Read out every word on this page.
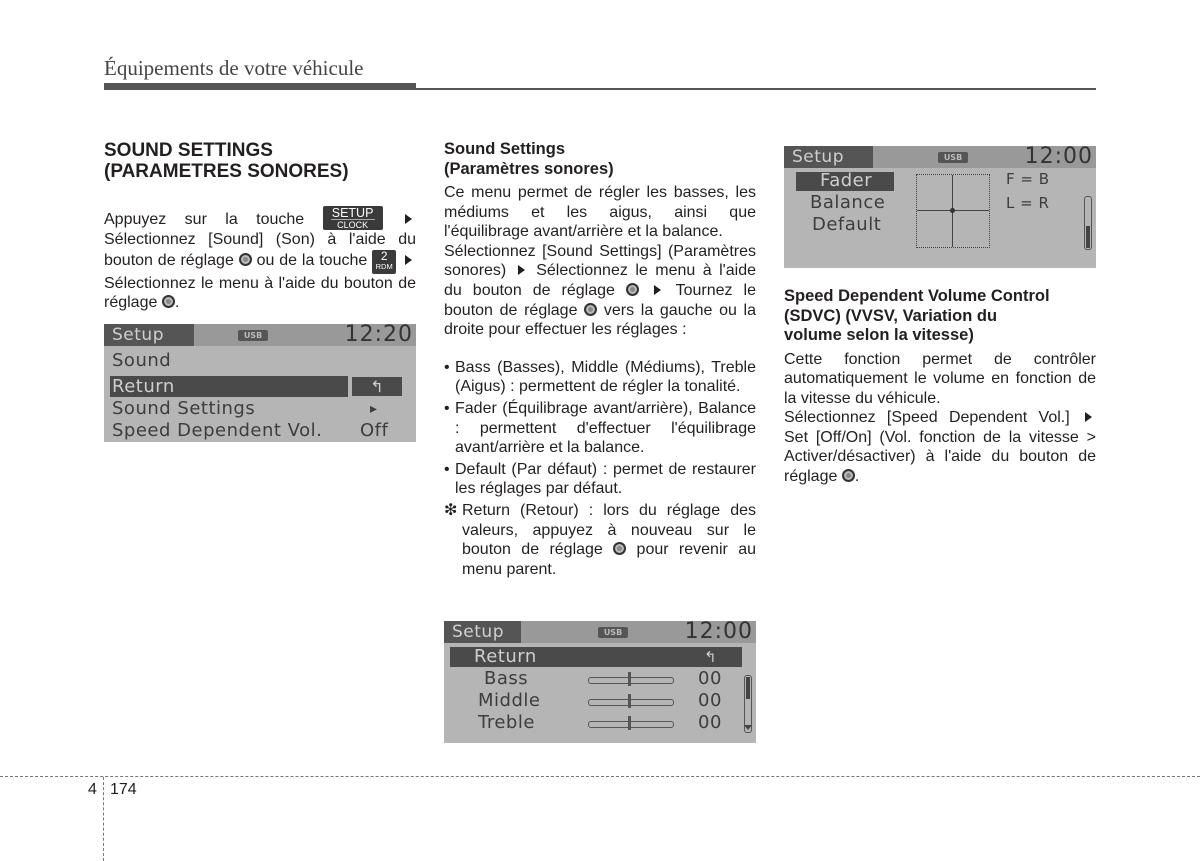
Équipements de votre véhicule
SOUND SETTINGS
(PARAMETRES SONORES)

Appuyez sur la touche	SETUP
CLOCK
Sélectionnez [Sound] (Son) à l'aide du bouton de réglage ou de la touche	2
RDM
Sélectionnez le menu à l'aide du bouton de réglage .

Setup	USB	12:20
Sound
Return	↰
Sound Settings	▸
Speed Dependent Vol. Off
Sound Settings
(Paramètres sonores)

Ce menu permet de régler les basses, les médiums et les aigus, ainsi que l'équilibrage avant/arrière et la balance.

Sélectionnez [Sound Settings] (Paramètres sonores) Sélectionnez le menu à l'aide du bouton de réglage	Tournez le bouton de réglage vers la gauche ou la droite pour effectuer les réglages :

• Bass (Basses), Middle (Médiums), Treble (Aigus) : permettent de régler la tonalité.
• Fader (Équilibrage avant/arrière), Balance : permettent d'effectuer l'équilibrage avant/arrière et la balance.
• Default (Par défaut) : permet de restaurer les réglages par défaut.
❇ Return (Retour) : lors du réglage des valeurs, appuyez à nouveau sur le bouton de réglage pour revenir au menu parent.
Setup	USB	12:00
Return	↰
Bass	00
Middle	00
Treble	00
Setup	USB	12:00
Fader
Balance
Default
F = B
L = R
Speed Dependent Volume Control
(SDVC) (VVSV, Variation du
volume selon la vitesse)

Cette fonction permet de contrôler automatiquement le volume en fonction de la vitesse du véhicule.

Sélectionnez [Speed Dependent Vol.]  Set [Off/On] (Vol. fonction de la vitesse > Activer/désactiver) à l'aide du bouton de réglage .

4 174
